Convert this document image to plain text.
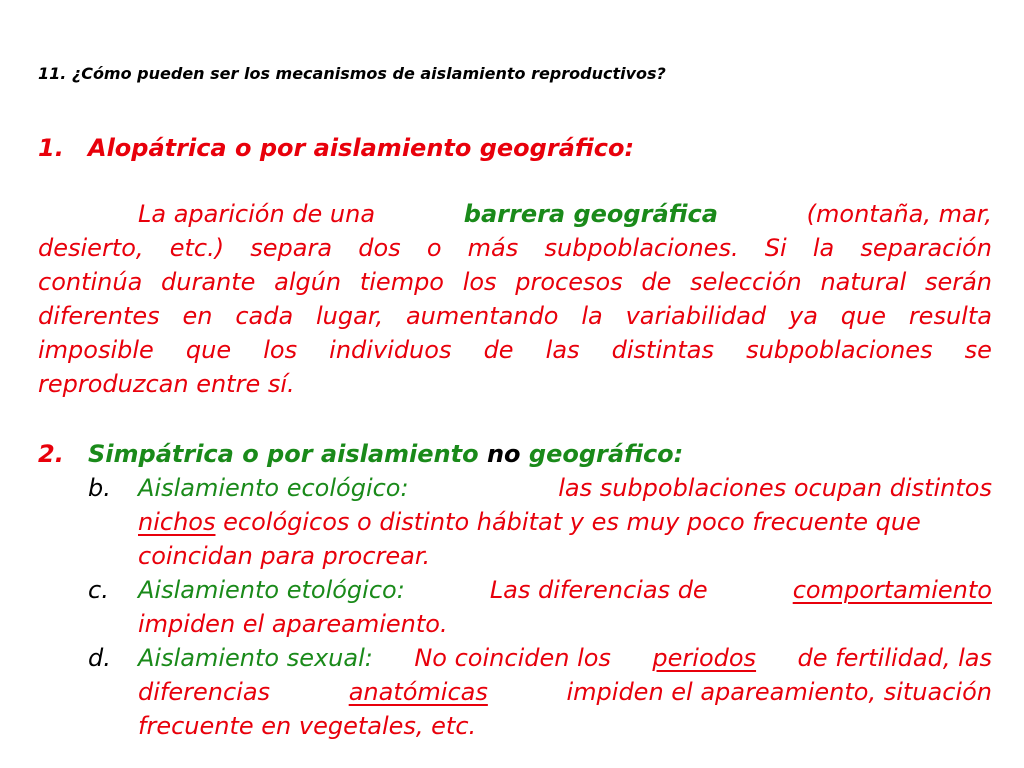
11. ¿Cómo pueden ser los mecanismos de aislamiento reproductivos?
1. Alopátrica o por aislamiento geográfico:
La aparición de una	barrera geográfica	(montaña, mar,
desierto, etc.) separa dos o más subpoblaciones. Si la separación
continúa durante algún tiempo los procesos de selección natural serán
diferentes en cada lugar, aumentando la variabilidad ya que resulta
imposible que los individuos de las distintas subpoblaciones se
reproduzcan entre sí.
2. Simpátrica o por aislamiento no geográfico:
b. Aislamiento ecológico:	las subpoblaciones ocupan distintos
nichos ecológicos o distinto hábitat y es muy poco frecuente que
coincidan para procrear.
c. Aislamiento etológico:	Las diferencias de	comportamiento
impiden el apareamiento.
d. Aislamiento sexual: No coinciden los periodos de fertilidad, las
diferencias	anatómicas	impiden el apareamiento, situación
frecuente en vegetales, etc.
